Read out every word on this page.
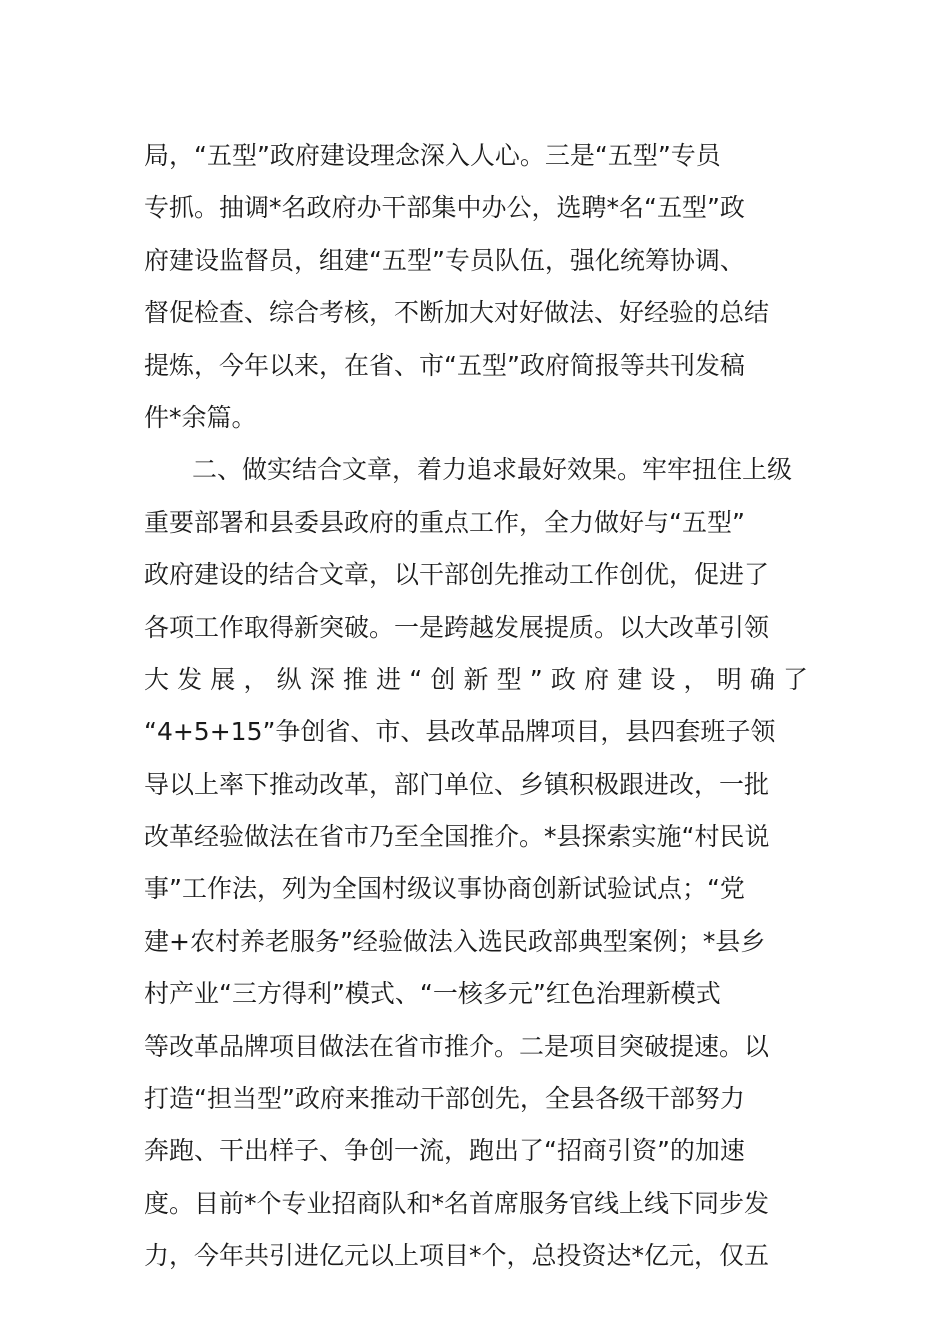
局，“五型”政府建设理念深入人心。三是“五型”专员
专抓。抽调*名政府办干部集中办公，选聘*名“五型”政
府建设监督员，组建“五型”专员队伍，强化统筹协调、
督促检查、综合考核，不断加大对好做法、好经验的总结
提炼，今年以来，在省、市“五型”政府简报等共刊发稿
件*余篇。
二、做实结合文章，着力追求最好效果。牢牢扭住上级
重要部署和县委县政府的重点工作，全力做好与“五型”
政府建设的结合文章，以干部创先推动工作创优，促进了
各项工作取得新突破。一是跨越发展提质。以大改革引领
大发展，纵深推进“创新型”政府建设，明确了
“4+5+15”争创省、市、县改革品牌项目，县四套班子领
导以上率下推动改革，部门单位、乡镇积极跟进改，一批
改革经验做法在省市乃至全国推介。*县探索实施“村民说
事”工作法，列为全国村级议事协商创新试验试点；“党
建+农村养老服务”经验做法入选民政部典型案例；*县乡
村产业“三方得利”模式、“一核多元”红色治理新模式
等改革品牌项目做法在省市推介。二是项目突破提速。以
打造“担当型”政府来推动干部创先，全县各级干部努力
奔跑、干出样子、争创一流，跑出了“招商引资”的加速
度。目前*个专业招商队和*名首席服务官线上线下同步发
力，今年共引进亿元以上项目*个，总投资达*亿元，仅五
